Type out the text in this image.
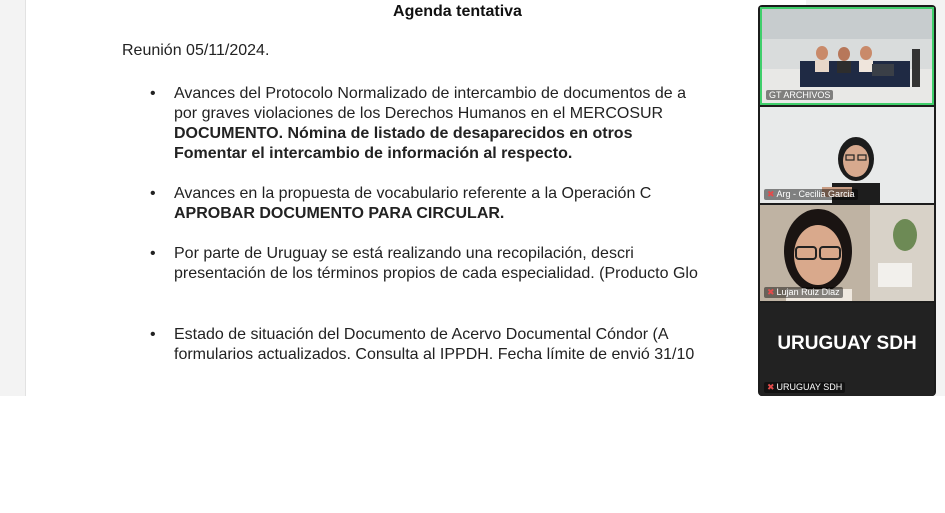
Agenda tentativa
Reunión 05/11/2024.
• Avances del Protocolo Normalizado de intercambio de documentos de a
por graves violaciones de los Derechos Humanos en el MERCOSUR
DOCUMENTO. Nómina de listado de desaparecidos en otros
Fomentar el intercambio de información al respecto.
• Avances en la propuesta de vocabulario referente a la Operación C
APROBAR DOCUMENTO PARA CIRCULAR.
• Por parte de Uruguay se está realizando una recopilación, descri
presentación de los términos propios de cada especialidad. (Producto Glo
• Estado de situación del Documento de Acervo Documental Cóndor (A
formularios actualizados. Consulta al IPPDH. Fecha límite de envió 31/10
GT ARCHIVOS
✖ Arg - Cecilia Garcia
✖ Lujan Ruiz Diaz
URUGUAY SDH
✖ URUGUAY SDH
